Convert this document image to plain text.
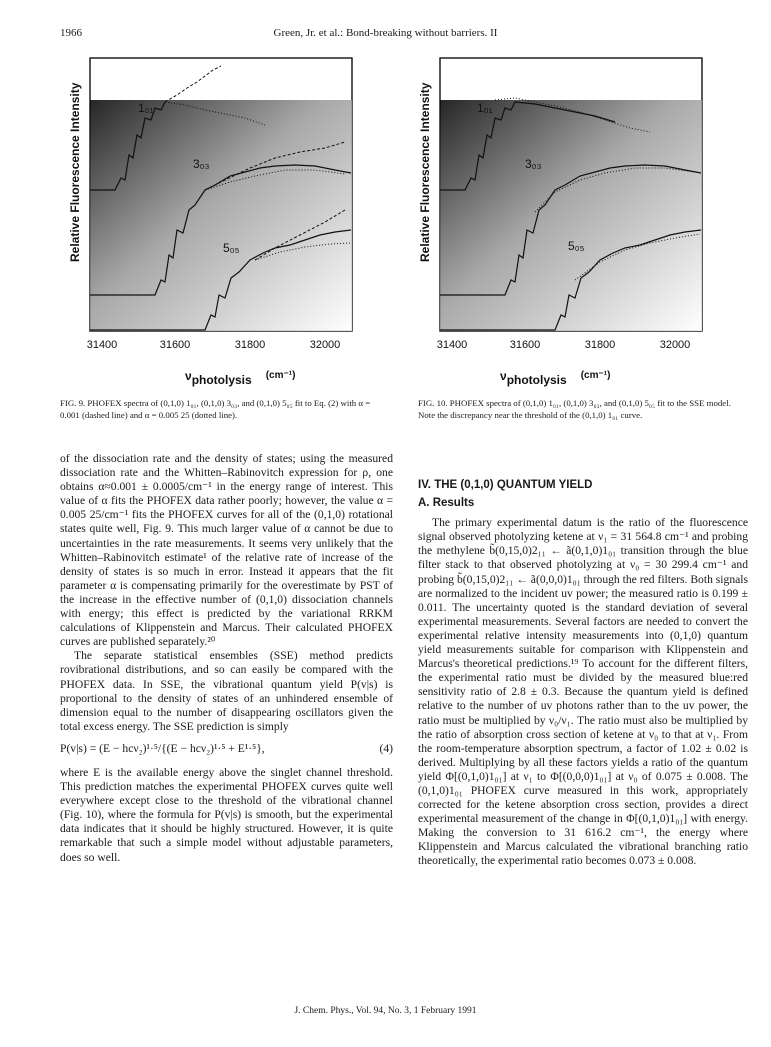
1966	Green, Jr. et al.: Bond-breaking without barriers. II
Relative Fluorescence Intensity	1₀₁
3₀₃
5₀₅
31400	31600	31800	32000
νphotolysis $^{(cm^{-1})}$
Relative Fluorescence Intensity	1₀₁
3₀₃
5₀₅
31400	31600	31800	32000
νphotolysis $^{(cm^{-1})}$
FIG. 9. PHOFEX spectra of (0,1,0) 1₀₁, (0,1,0) 3₀₃, and (0,1,0) 5₀₅ fit to Eq. (2) with α = 0.001 (dashed line) and α = 0.005 25 (dotted line).
FIG. 10. PHOFEX spectra of (0,1,0) 1₀₁, (0,1,0) 3₀₃, and (0,1,0) 5₀₅ fit to the SSE model. Note the discrepancy near the threshold of the (0,1,0) 1₀₁ curve.

of the dissociation rate and the density of states; using the measured dissociation rate and the Whitten–Rabinovitch expression for ρ, one obtains α≈0.001 ± 0.0005/cm⁻¹ in the energy range of interest. This value of α fits the PHOFEX data rather poorly; however, the value α = 0.005 25/cm⁻¹ fits the PHOFEX curves for all of the (0,1,0) rotational states quite well, Fig. 9. This much larger value of α cannot be due to uncertainties in the rate measurements. It seems very unlikely that the Whitten–Rabinovitch estimate¹ of the relative rate of increase of the density of states is so much in error. Instead it appears that the fit parameter α is compensating primarily for the overestimate by PST of the increase in the effective number of (0,1,0) dissociation channels with energy; this effect is predicted by the variational RRKM calculations of Klippenstein and Marcus. Their calculated PHOFEX curves are published separately.²⁰

The separate statistical ensembles (SSE) method predicts rovibrational distributions, and so can easily be compared with the PHOFEX data. In SSE, the vibrational quantum yield P(v|s) is proportional to the density of states of an unhindered ensemble of dimension equal to the number of disappearing oscillators given the total excess energy. The SSE prediction is simply

P(v|s) = (E − hcν₂)¹·⁵/{(E − hcν₂)¹·⁵ + E¹·⁵},	(4)

where E is the available energy above the singlet channel threshold. This prediction matches the experimental PHOFEX curves quite well everywhere except close to the threshold of the vibrational channel (Fig. 10), where the formula for P(v|s) is smooth, but the experimental data indicates that it should be highly structured. However, it is quite remarkable that such a simple model without adjustable parameters, does so well.

IV. THE (0,1,0) QUANTUM YIELD
A. Results

The primary experimental datum is the ratio of the fluorescence signal observed photolyzing ketene at ν₁ = 31 564.8 cm⁻¹ and probing the methylene b̃(0,15,0)2₁₁ ← ã(0,1,0)1₀₁ transition through the blue filter stack to that observed photolyzing at ν₀ = 30 299.4 cm⁻¹ and probing b̃(0,15,0)2₁₁ ← ã(0,0,0)1₀₁ through the red filters. Both signals are normalized to the incident uv power; the measured ratio is 0.199 ± 0.011. The uncertainty quoted is the standard deviation of several experimental measurements. Several factors are needed to convert the experimental relative intensity measurements into (0,1,0) quantum yield measurements suitable for comparison with Klippenstein and Marcus's theoretical predictions.¹⁹ To account for the different filters, the experimental ratio must be divided by the measured blue:red sensitivity ratio of 2.8 ± 0.3. Because the quantum yield is defined relative to the number of uv photons rather than to the uv power, the ratio must be multiplied by ν₀/ν₁. The ratio must also be multiplied by the ratio of absorption cross section of ketene at ν₀ to that at ν₁. From the room-temperature absorption spectrum, a factor of 1.02 ± 0.02 is derived. Multiplying by all these factors yields a ratio of the quantum yield Φ[(0,1,0)1₀₁] at ν₁ to Φ[(0,0,0)1₀₁] at ν₀ of 0.075 ± 0.008. The (0,1,0)1₀₁ PHOFEX curve measured in this work, appropriately corrected for the ketene absorption cross section, provides a direct experimental measurement of the change in Φ[(0,1,0)1₀₁] with energy. Making the conversion to 31 616.2 cm⁻¹, the energy where Klippenstein and Marcus calculated the vibrational branching ratio theoretically, the experimental ratio becomes 0.073 ± 0.008.

J. Chem. Phys., Vol. 94, No. 3, 1 February 1991
